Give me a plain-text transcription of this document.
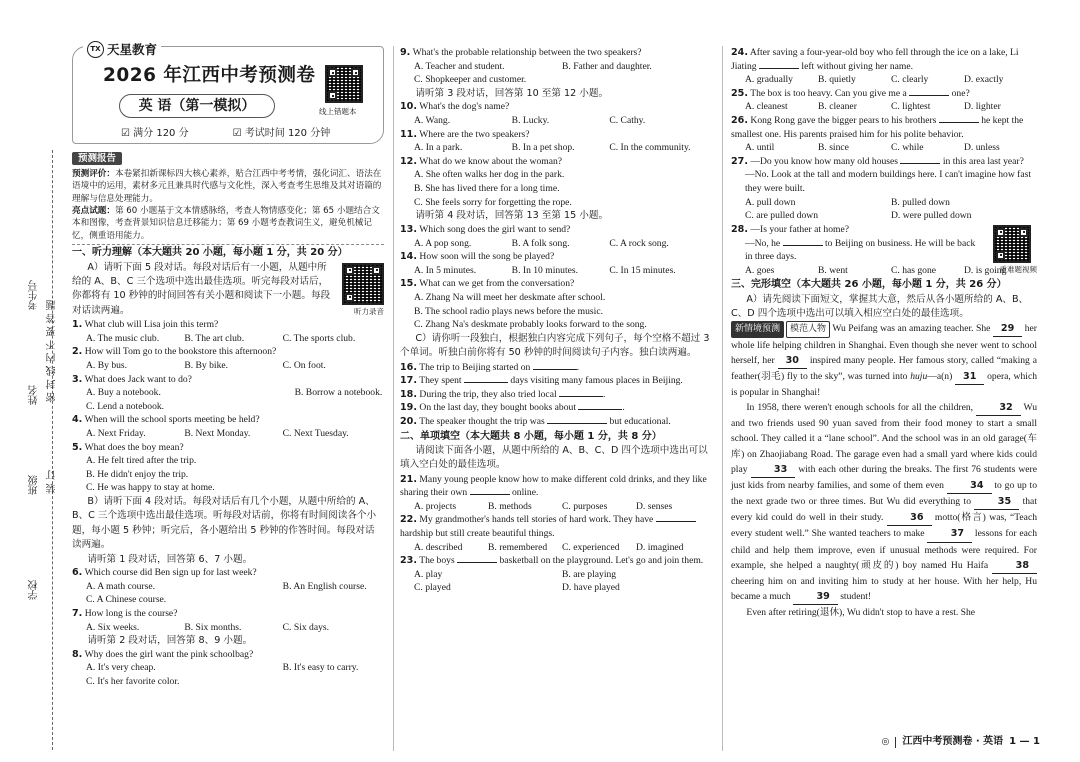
考生号
姓名
班级
学校
密 封 线 内 不 要 答 题
装 订
TX 天星教育
2026 年江西中考预测卷
英 语（第一模拟）	线上错题本
☑ 满分 120 分
☑	考试时间 120 分钟
预测报告
预测评价：本卷紧扣新课标四大核心素养，贴合江西中考考情，强化词汇、语法在语境中的运用，素材多元且兼具时代感与文化性，深入考查考生思维及其对语篇的理解与信息处理能力。
亮点试题：第 60 小题基于文本情感脉络，考查人物情感变化；第 65 小题结合文本和图像，考查背景知识信息迁移能力；第 69 小题考查教词生义，避免机械记忆，侧重语用能力。

一、听力理解（本大题共 20 小题，每小题 1 分，共 20 分）

听力录音

A）请听下面 5 段对话。每段对话后有一小题，从题中所给的 A、B、C 三个选项中选出最佳选项。听完每段对话后，你都将有 10 秒钟的时间回答有关小题和阅读下一小题。每段对话读两遍。

1. What club will Lisa join this term?

A. The music club.	B. The art club.	C. The sports club.

2. How will Tom go to the bookstore this afternoon?

A. By bus.	B. By bike.	C. On foot.

3. What does Jack want to do?

A. Buy a notebook.	B. Borrow a notebook.

C. Lend a notebook.

4. When will the school sports meeting be held?

A. Next Friday.	B. Next Monday.	C. Next Tuesday.

5. What does the boy mean?

A. He felt tired after the trip.

B. He didn't enjoy the trip.

C. He was happy to stay at home.

B）请听下面 4 段对话。每段对话后有几个小题，从题中所给的 A、B、C 三个选项中选出最佳选项。听每段对话前，你将有时间阅读各个小题，每小题 5 秒钟；听完后，各小题给出 5 秒钟的作答时间。每段对话读两遍。

请听第 1 段对话，回答第 6、7 小题。

6. Which course did Ben sign up for last week?

A. A math course.	B. An English course.

C. A Chinese course.

7. How long is the course?

A. Six weeks.	B. Six months.	C. Six days.

请听第 2 段对话，回答第 8、9 小题。

8. Why does the girl want the pink schoolbag?

A. It's very cheap.	B. It's easy to carry.

C. It's her favorite color.

9. What's the probable relationship between the two speakers?

A. Teacher and student.	B. Father and daughter.

C. Shopkeeper and customer.

请听第 3 段对话，回答第 10 至第 12 小题。

10. What's the dog's name?

A. Wang.	B. Lucky.	C. Cathy.

11. Where are the two speakers?

A. In a park.	B. In a pet shop.	C. In the community.

12. What do we know about the woman?

A. She often walks her dog in the park.

B. She has lived there for a long time.

C. She feels sorry for forgetting the rope.

请听第 4 段对话，回答第 13 至第 15 小题。

13. Which song does the girl want to send?

A. A pop song.	B. A folk song.	C. A rock song.

14. How soon will the song be played?

A. In 5 minutes.	B. In 10 minutes.	C. In 15 minutes.

15. What can we get from the conversation?

A. Zhang Na will meet her deskmate after school.

B. The school radio plays news before the music.

C. Zhang Na's deskmate probably looks forward to the song.

C）请你听一段独白，根据独白内容完成下列句子，每个空格不超过 3 个单词。听独白前你将有 50 秒钟的时间阅读句子内容。独白读两遍。

16. The trip to Beijing started on	.

17. They spent	days visiting many famous places in Beijing.

18. During the trip, they also tried local	.

19. On the last day, they bought books about	.

20. The speaker thought the trip was	but educational.

二、单项填空（本大题共 8 小题，每小题 1 分，共 8 分）

请阅读下面各小题，从题中所给的 A、B、C、D 四个选项中选出可以填入空白处的最佳选项。

21. Many young people know how to make different cold drinks, and they like sharing their own	online.

A. projects	B. methods	C. purposes	D. senses

22. My grandmother's hands tell stories of hard work. They have  hardship but still create beautiful things.

A. described	B. remembered	C. experienced	D. imagined

23. The boys	basketball on the playground. Let's go and join them.

A. play	B. are playing

C. played	D. have played

24. After saving a four-year-old boy who fell through the ice on a lake, Li Jiating	left without giving her name.

A. gradually	B. quietly	C. clearly	D. exactly

25. The box is too heavy. Can you give me a	one?

A. cleanest	B. cleaner	C. lightest	D. lighter

26. Kong Rong gave the bigger pears to his brothers	he kept the smallest one. His parents praised him for his polite behavior.

A. until	B. since	C. while	D. unless

27. —Do you know how many old houses	in this area last year?

—No. Look at the tall and modern buildings here. I can't imagine how fast they were built.

A. pull down	B. pulled down

C. are pulled down	D. were pulled down

重难题视频

28. —Is your father at home?

—No, he	to Beijing on business. He will be back in three days.

A. goes	B. went	C. has gone	D. is going

三、完形填空（本大题共 26 小题，每小题 1 分，共 26 分）

A）请先阅读下面短文，掌握其大意，然后从各小题所给的 A、B、C、D 四个选项中选出可以填入相应空白处的最佳选项。

新情境预测	模范人物 Wu Peifang was an amazing teacher. She 29 her whole life helping children in Shanghai. Even though she never went to school herself, her 30 inspired many people. Her famous story, called “making a feather(羽毛) fly to the sky”, was turned into huju—a(n) 31 opera, which is popular in Shanghai!

In 1958, there weren't enough schools for all the children,	32 Wu and two friends used 90 yuan saved from their food money to start a small school. They called it a “lane school”. And the school was in an old garage(车库) on Zhaojiabang Road. The garage even had a small yard where kids could play	33 with each other during the breaks. The first 76 students were just kids from nearby families, and some of them even	34 to go up to the next grade two or three times. But Wu did everything to	35 that every kid could do well in their study.	36 motto(格言) was, “Teach every student well.” She wanted teachers to make	37 lessons for each child and help them improve, even if unusual methods were required. For example, she helped a naughty(顽皮的) boy named Hu Haifa	38 cheering him on and inviting him to study at her house. With her help, Hu became a much	39 student!

Even after retiring(退休), Wu didn't stop to have a rest. She

◎ 江西中考预测卷 · 英语 1 — 1
